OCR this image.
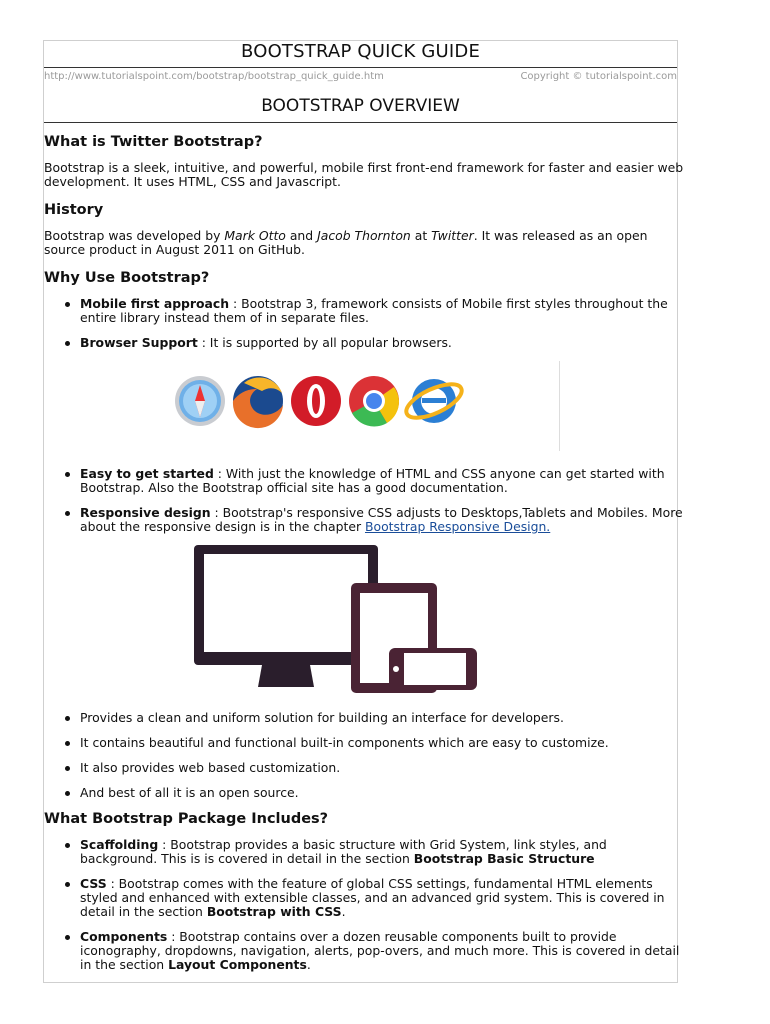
BOOTSTRAP QUICK GUIDE
http://www.tutorialspoint.com/bootstrap/bootstrap_quick_guide.htm	Copyright © tutorialspoint.com
BOOTSTRAP OVERVIEW
What is Twitter Bootstrap?

Bootstrap is a sleek, intuitive, and powerful, mobile first front-end framework for faster and easier web development. It uses HTML, CSS and Javascript.

History

Bootstrap was developed by Mark Otto and Jacob Thornton at Twitter. It was released as an open source product in August 2011 on GitHub.

Why Use Bootstrap?
Mobile first approach : Bootstrap 3, framework consists of Mobile first styles throughout the entire library instead them of in separate files.
Browser Support : It is supported by all popular browsers.
Easy to get started : With just the knowledge of HTML and CSS anyone can get started with Bootstrap. Also the Bootstrap official site has a good documentation.
Responsive design : Bootstrap's responsive CSS adjusts to Desktops,Tablets and Mobiles. More about the responsive design is in the chapter Bootstrap Responsive Design.
Provides a clean and uniform solution for building an interface for developers.
It contains beautiful and functional built-in components which are easy to customize.
It also provides web based customization.
And best of all it is an open source.
What Bootstrap Package Includes?
Scaffolding : Bootstrap provides a basic structure with Grid System, link styles, and background. This is is covered in detail in the section Bootstrap Basic Structure
CSS : Bootstrap comes with the feature of global CSS settings, fundamental HTML elements styled and enhanced with extensible classes, and an advanced grid system. This is covered in detail in the section Bootstrap with CSS.
Components : Bootstrap contains over a dozen reusable components built to provide iconography, dropdowns, navigation, alerts, pop-overs, and much more. This is covered in detail in the section Layout Components.
